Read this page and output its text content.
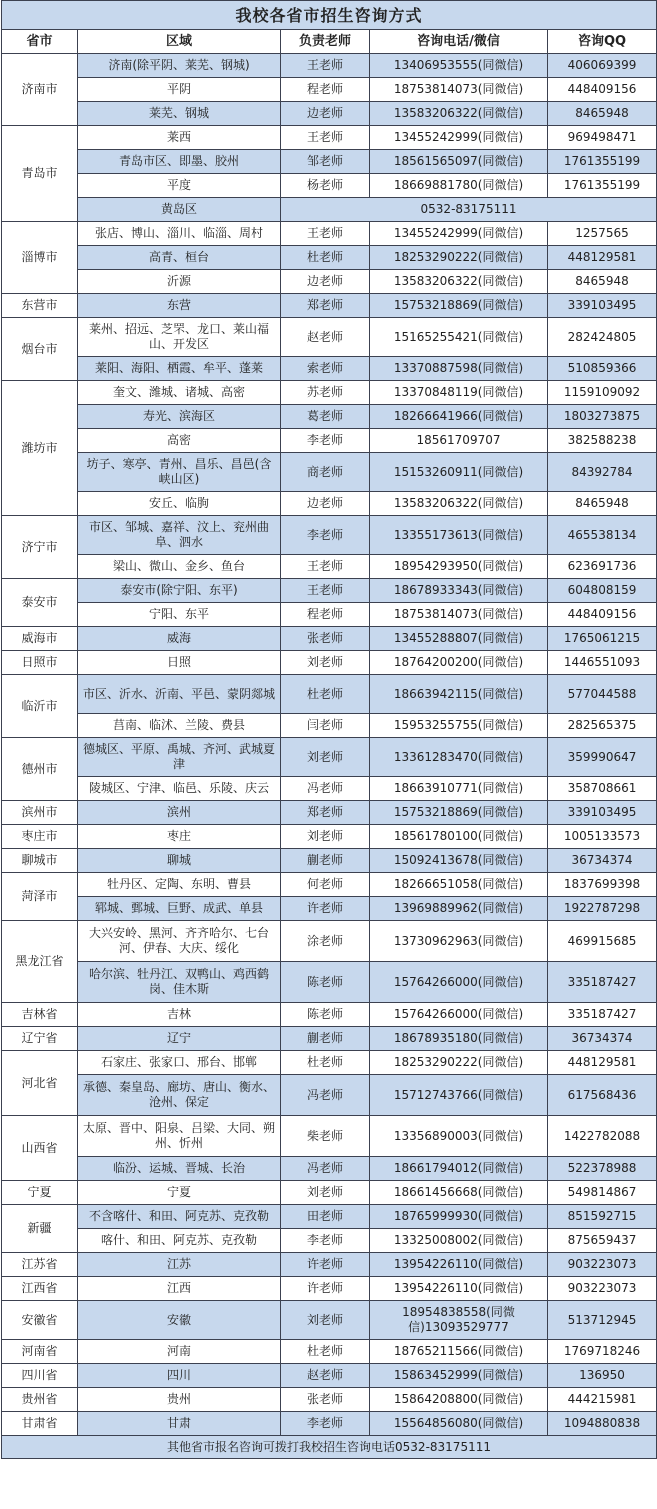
我校各省市招生咨询方式				
省市	区域	负责老师	咨询电话/微信	咨询QQ
济南市	济南(除平阴、莱芜、钢城)	王老师	13406953555(同微信)	406069399
	平阴	程老师	18753814073(同微信)	448409156
	莱芜、钢城	边老师	13583206322(同微信)	8465948
青岛市	莱西	王老师	13455242999(同微信)	969498471
	青岛市区、即墨、胶州	邹老师	18561565097(同微信)	1761355199
	平度	杨老师	18669881780(同微信)	1761355199
	黄岛区	0532-83175111		
淄博市	张店、博山、淄川、临淄、周村	王老师	13455242999(同微信)	1257565
	高青、桓台	杜老师	18253290222(同微信)	448129581
	沂源	边老师	13583206322(同微信)	8465948
东营市	东营	郑老师	15753218869(同微信)	339103495
烟台市	莱州、招远、芝罘、龙口、莱山福山、开发区	赵老师	15165255421(同微信)	282424805
	莱阳、海阳、栖霞、牟平、蓬莱	索老师	13370887598(同微信)	510859366
潍坊市	奎文、潍城、诸城、高密	苏老师	13370848119(同微信)	1159109092
	寿光、滨海区	葛老师	18266641966(同微信)	1803273875
	高密	李老师	18561709707	382588238
	坊子、寒亭、青州、昌乐、昌邑(含峡山区)	商老师	15153260911(同微信)	84392784
	安丘、临朐	边老师	13583206322(同微信)	8465948
济宁市	市区、邹城、嘉祥、汶上、兖州曲阜、泗水	李老师	13355173613(同微信)	465538134
	梁山、微山、金乡、鱼台	王老师	18954293950(同微信)	623691736
泰安市	泰安市(除宁阳、东平)	王老师	18678933343(同微信)	604808159
	宁阳、东平	程老师	18753814073(同微信)	448409156
威海市	威海	张老师	13455288807(同微信)	1765061215
日照市	日照	刘老师	18764200200(同微信)	1446551093
临沂市	市区、沂水、沂南、平邑、蒙阴郯城	杜老师	18663942115(同微信)	577044588
	莒南、临沭、兰陵、费县	闫老师	15953255755(同微信)	282565375
德州市	德城区、平原、禹城、齐河、武城夏津	刘老师	13361283470(同微信)	359990647
	陵城区、宁津、临邑、乐陵、庆云	冯老师	18663910771(同微信)	358708661
滨州市	滨州	郑老师	15753218869(同微信)	339103495
枣庄市	枣庄	刘老师	18561780100(同微信)	1005133573
聊城市	聊城	蒯老师	15092413678(同微信)	36734374
菏泽市	牡丹区、定陶、东明、曹县	何老师	18266651058(同微信)	1837699398
	郓城、鄄城、巨野、成武、单县	许老师	13969889962(同微信)	1922787298
黑龙江省	大兴安岭、黑河、齐齐哈尔、七台河、伊春、大庆、绥化	涂老师	13730962963(同微信)	469915685
	哈尔滨、牡丹江、双鸭山、鸡西鹤岗、佳木斯	陈老师	15764266000(同微信)	335187427
吉林省	吉林	陈老师	15764266000(同微信)	335187427
辽宁省	辽宁	蒯老师	18678935180(同微信)	36734374
河北省	石家庄、张家口、邢台、邯郸	杜老师	18253290222(同微信)	448129581
	承德、秦皇岛、廊坊、唐山、衡水、沧州、保定	冯老师	15712743766(同微信)	617568436
山西省	太原、晋中、阳泉、吕梁、大同、朔州、忻州	柴老师	13356890003(同微信)	1422782088
	临汾、运城、晋城、长治	冯老师	18661794012(同微信)	522378988
宁夏	宁夏	刘老师	18661456668(同微信)	549814867
新疆	不含喀什、和田、阿克苏、克孜勒	田老师	18765999930(同微信)	851592715
	喀什、和田、阿克苏、克孜勒	李老师	13325008002(同微信)	875659437
江苏省	江苏	许老师	13954226110(同微信)	903223073
江西省	江西	许老师	13954226110(同微信)	903223073
安徽省	安徽	刘老师	18954838558(同微信)13093529777	513712945
河南省	河南	杜老师	18765211566(同微信)	1769718246
四川省	四川	赵老师	15863452999(同微信)	136950
贵州省	贵州	张老师	15864208800(同微信)	444215981
甘肃省	甘肃	李老师	15564856080(同微信)	1094880838
其他省市报名咨询可拨打我校招生咨询电话0532-83175111				
